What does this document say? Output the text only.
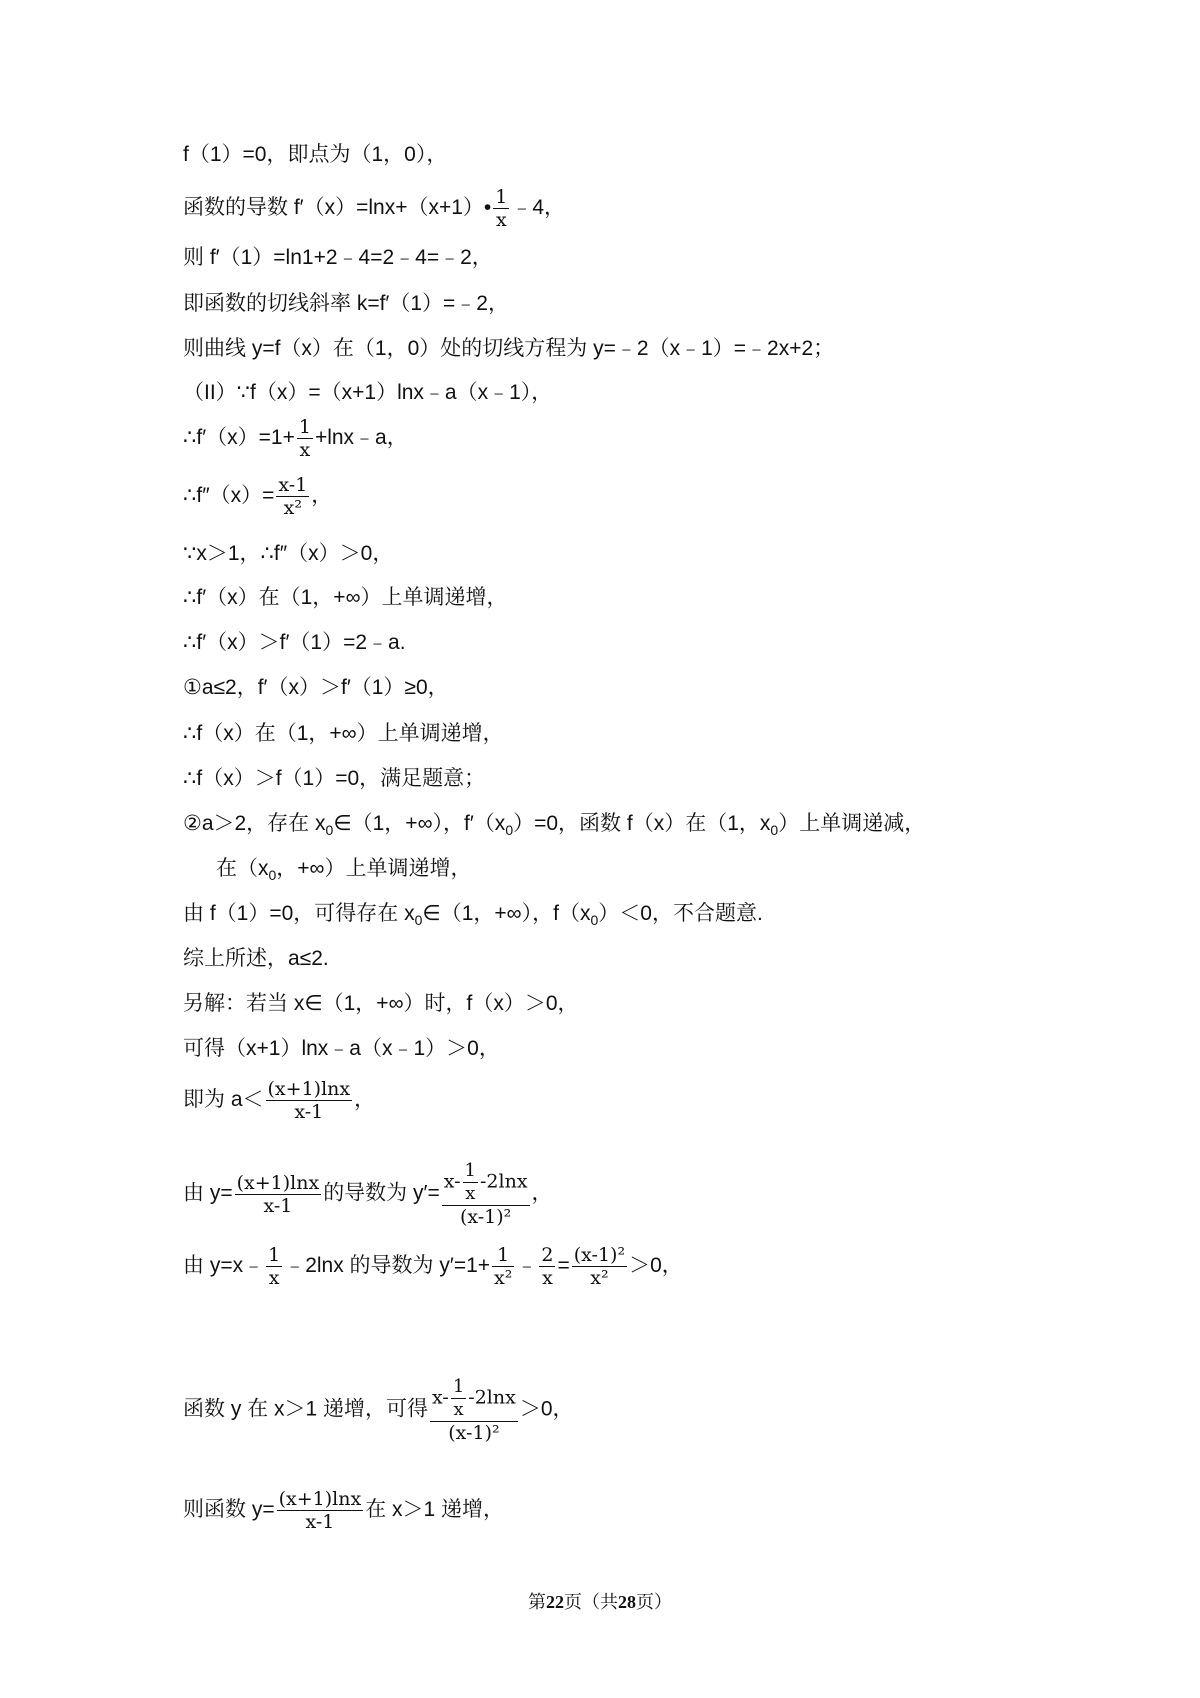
f（1）=0，即点为（1，0），
函数的导数 f′（x）=lnx+（x+1）• $\frac{1}{x}$ ﹣4，
则 f′（1）=ln1+2﹣4=2﹣4=﹣2，
即函数的切线斜率 k=f′（1）=﹣2，
则曲线 y=f（x）在（1，0）处的切线方程为 y=﹣2（x﹣1）=﹣2x+2；
（II）∵f（x）=（x+1）lnx﹣a（x﹣1），
∴f′（x）=1+ $\frac{1}{x}$ +lnx﹣a，
∴f″（x）= $\frac{x-1}{\text{x²}}$ ，
∵x＞1，∴f″（x）＞0，
∴f′（x）在（1，+∞）上单调递增，
∴f′（x）＞f′（1）=2﹣a.
①a≤2，f′（x）＞f′（1）≥0，
∴f（x）在（1，+∞）上单调递增，
∴f（x）＞f（1）=0，满足题意；
②a＞2，存在 $x_0\in(1$，+∞），$f'(x_0)=0$，函数 f（x）在（1，$x_0$）上单调递减，
在（$x_0$，+∞）上单调递增，
由 f（1）=0，可得存在 $x_0\in(1$，+∞），$f(x_0)<0$，不合题意.
综上所述，a≤2.
另解：若当 x∈（1，+∞）时，f（x）＞0，
可得（x+1）lnx﹣a（x﹣1）＞0，
即为 $a< \frac{(x+1)\ln x}{x-1}$ ，
由 $y= \frac{(x+1)\ln x}{x-1}$ 的导数为 $y'= \frac{x- \frac{1}{x} -2\ln x}{\text{(x-1)²}}$ ，
由 y=x﹣ $\frac{1}{x}$ ﹣2lnx 的导数为 $y'=1+ \frac{1}{\text{x²}}$ ﹣ $\frac{2}{x} = \frac{\text{(x-1)²}}{\text{x²}} >0$，
函数 y 在 x＞1 递增，可得 $\frac{x- \frac{1}{x} -2\ln x}{\text{(x-1)²}} >0$，
则函数 $y= \frac{(x+1)\ln x}{x-1}$ 在 x＞1 递增，
第22页（共28页）
